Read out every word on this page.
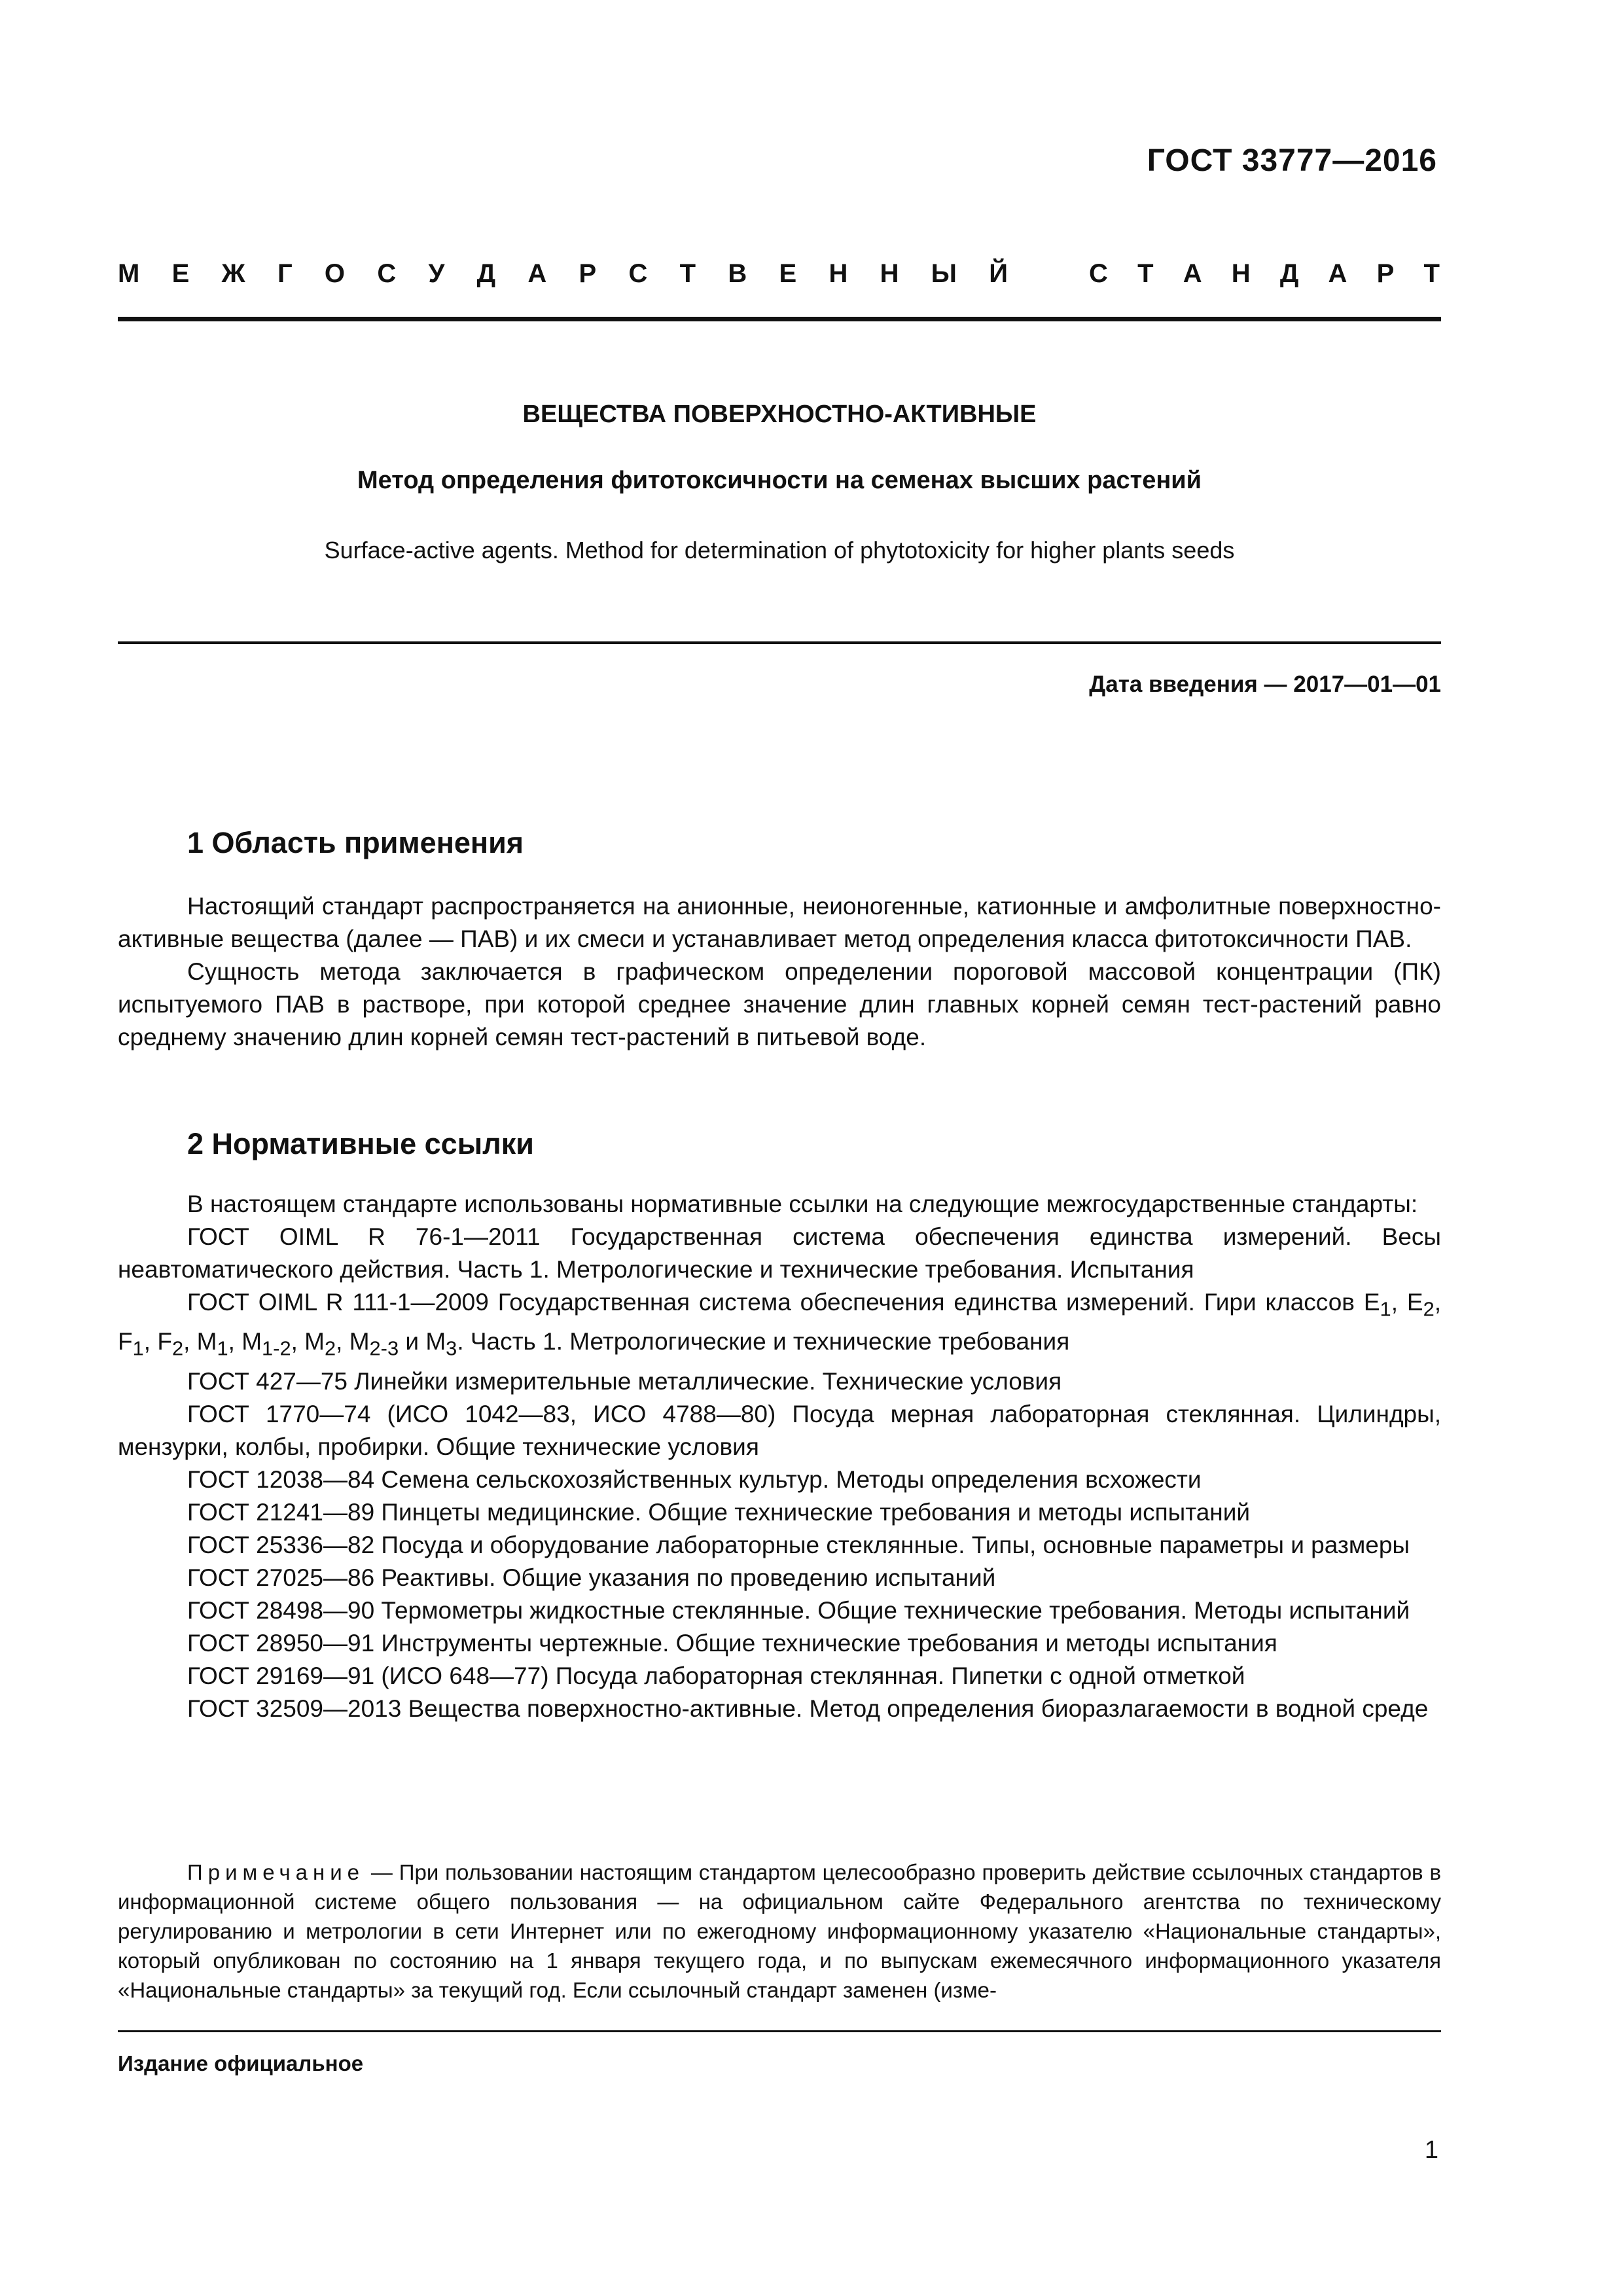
ГОСТ 33777—2016
М Е Ж Г О С У Д А Р С Т В Е Н Н Ы Й	С Т А Н Д А Р Т
ВЕЩЕСТВА ПОВЕРХНОСТНО-АКТИВНЫЕ
Метод определения фитотоксичности на семенах высших растений
Surface-active agents. Method for determination of phytotoxicity for higher plants seeds
Дата введения — 2017—01—01
1 Область применения

Настоящий стандарт распространяется на анионные, неионогенные, катионные и амфолитные поверхностно-активные вещества (далее — ПАВ) и их смеси и устанавливает метод определения класса фитотоксичности ПАВ.

Сущность метода заключается в графическом определении пороговой массовой концентрации (ПК) испытуемого ПАВ в растворе, при которой среднее значение длин главных корней семян тест-растений равно среднему значению длин корней семян тест-растений в питьевой воде.

2 Нормативные ссылки

В настоящем стандарте использованы нормативные ссылки на следующие межгосударственные стандарты:

ГОСТ OIML R 76-1—2011 Государственная система обеспечения единства измерений. Весы неавтоматического действия. Часть 1. Метрологические и технические требования. Испытания

ГОСТ OIML R 111-1—2009 Государственная система обеспечения единства измерений. Гири классов $E_1$, $E_2$, $F_1$, $F_2$, $M_1$, $M_{1-2}$, $M_2$, $M_{2-3}$ и $M_3$. Часть 1. Метрологические и технические требования

ГОСТ 427—75 Линейки измерительные металлические. Технические условия

ГОСТ 1770—74 (ИСО 1042—83, ИСО 4788—80) Посуда мерная лабораторная стеклянная. Цилиндры, мензурки, колбы, пробирки. Общие технические условия

ГОСТ 12038—84 Семена сельскохозяйственных культур. Методы определения всхожести

ГОСТ 21241—89 Пинцеты медицинские. Общие технические требования и методы испытаний

ГОСТ 25336—82 Посуда и оборудование лабораторные стеклянные. Типы, основные параметры и размеры

ГОСТ 27025—86 Реактивы. Общие указания по проведению испытаний

ГОСТ 28498—90 Термометры жидкостные стеклянные. Общие технические требования. Методы испытаний

ГОСТ 28950—91 Инструменты чертежные. Общие технические требования и методы испытания

ГОСТ 29169—91 (ИСО 648—77) Посуда лабораторная стеклянная. Пипетки с одной отметкой

ГОСТ 32509—2013 Вещества поверхностно-активные. Метод определения биоразлагаемости в водной среде

Примечание — При пользовании настоящим стандартом целесообразно проверить действие ссылочных стандартов в информационной системе общего пользования — на официальном сайте Федерального агентства по техническому регулированию и метрологии в сети Интернет или по ежегодному информационному указателю «Национальные стандарты», который опубликован по состоянию на 1 января текущего года, и по выпускам ежемесячного информационного указателя «Национальные стандарты» за текущий год. Если ссылочный стандарт заменен (изме-

Издание официальное
1
